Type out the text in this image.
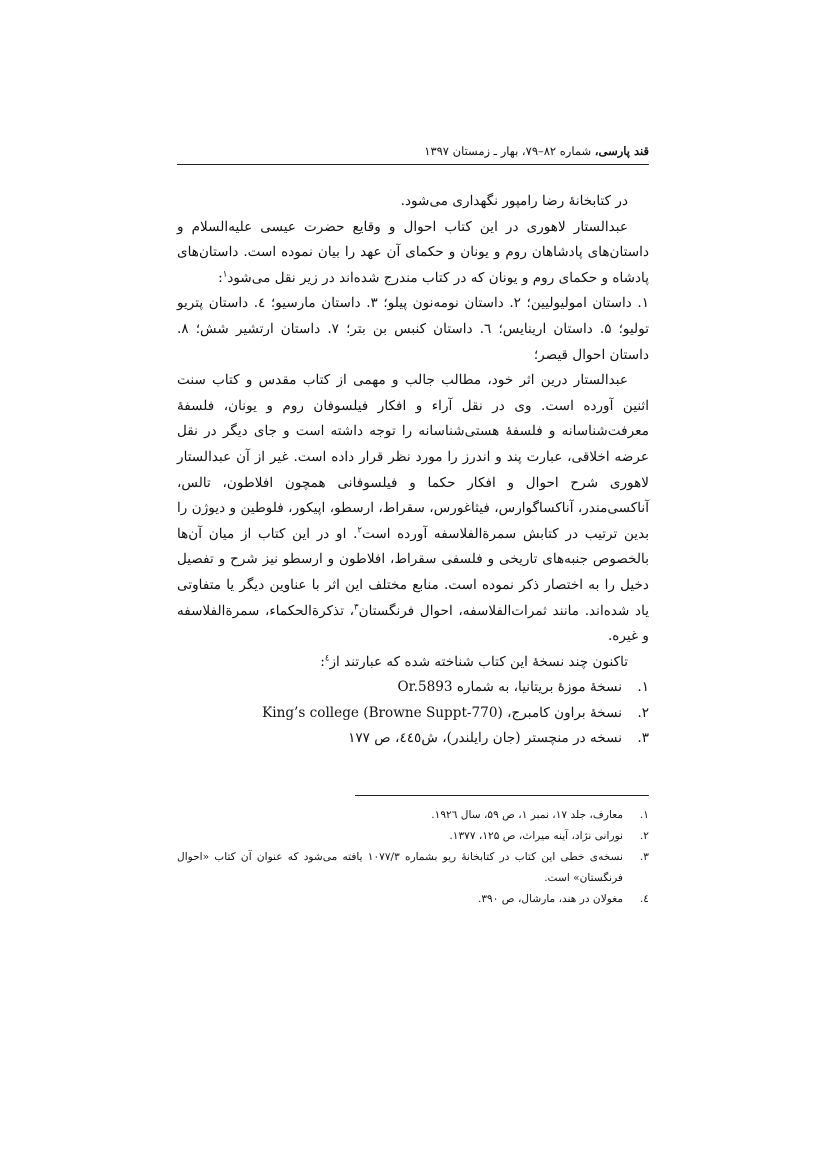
قند پارسی، شماره ۸۲–۷۹، بهار ـ زمستان ۱۳۹۷

در کتابخانۀ رضا رامپور نگهداری می‌شود.

عبدالستار لاهوری در این کتاب احوال و وقایع حضرت عیسی علیه‌السلام و داستان‌های پادشاهان روم و یونان و حکمای آن عهد را بیان نموده است. داستان‌های پادشاه و حکمای روم و یونان که در کتاب مندرج شده‌اند در زیر نقل می‌شود$^۱$:

۱. داستان امولیولیین؛ ۲. داستان نومه‌نون پیلو؛ ۳. داستان مارسیو؛ ٤. داستان پتریو تولیو؛ ۵. داستان ارینایس؛ ٦. داستان کنبس بن بتر؛ ۷. داستان ارتشیر شش؛ ۸. داستان احوال قیصر؛

عبدالستار درین اثر خود، مطالب جالب و مهمی از کتاب مقدس و کتاب سنت اثنین آورده است. وی در نقل آراء و افکار فیلسوفان روم و یونان، فلسفۀ معرفت‌شناسانه و فلسفۀ هستی‌شناسانه را توجه داشته است و جای دیگر در نقل عرضه اخلاقی، عبارت پند و اندرز را مورد نظر قرار داده است. غیر از آن عبدالستار لاهوری شرح احوال و افکار حکما و فیلسوفانی همچون افلاطون، تالس، آناکسی‌مندر، آناکساگوارس، فیثاغورس، سقراط، ارسطو، اپیکور، فلوطین و دیوژن را بدین ترتیب در کتابش سمرةالفلاسفه آورده است$^۲$. او در این کتاب از میان آن‌ها بالخصوص جنبه‌های تاریخی و فلسفی سقراط، افلاطون و ارسطو نیز شرح و تفصیل دخیل را به اختصار ذکر نموده است. منابع مختلف این اثر با عناوین دیگر یا متفاوتی یاد شده‌اند. مانند ثمرات‌الفلاسفه، احوال فرنگستان$^۳$، تذکرةالحکماء، سمرةالفلاسفه و غیره.

تاکنون چند نسخۀ این کتاب شناخته شده که عبارتند از$^٤$:

۱.
نسخۀ موزۀ بریتانیا، به شماره Or.5893
۲.
نسخۀ براون کامبرج، King’s college (Browne Suppt-770)
۳.
نسخه در منچستر (جان رایلندر)، ش٤٤٥، ص ۱۷۷

۱.
معارف، جلد ۱۷، نمبر ۱، ص ۵۹، سال ۱۹۲٦.

۲.
نورانی نژاد، آینه میراث، ص ۱۲۵، ۱۳۷۷.

۳.
نسخه‌ی خطی این کتاب در کتابخانۀ ریو بشماره ۱۰۷۷/۳ یافته می‌شود که عنوان آن کتاب «احوال فرنگستان» است.

٤.
مغولان در هند، مارشال، ص ۳۹۰.
